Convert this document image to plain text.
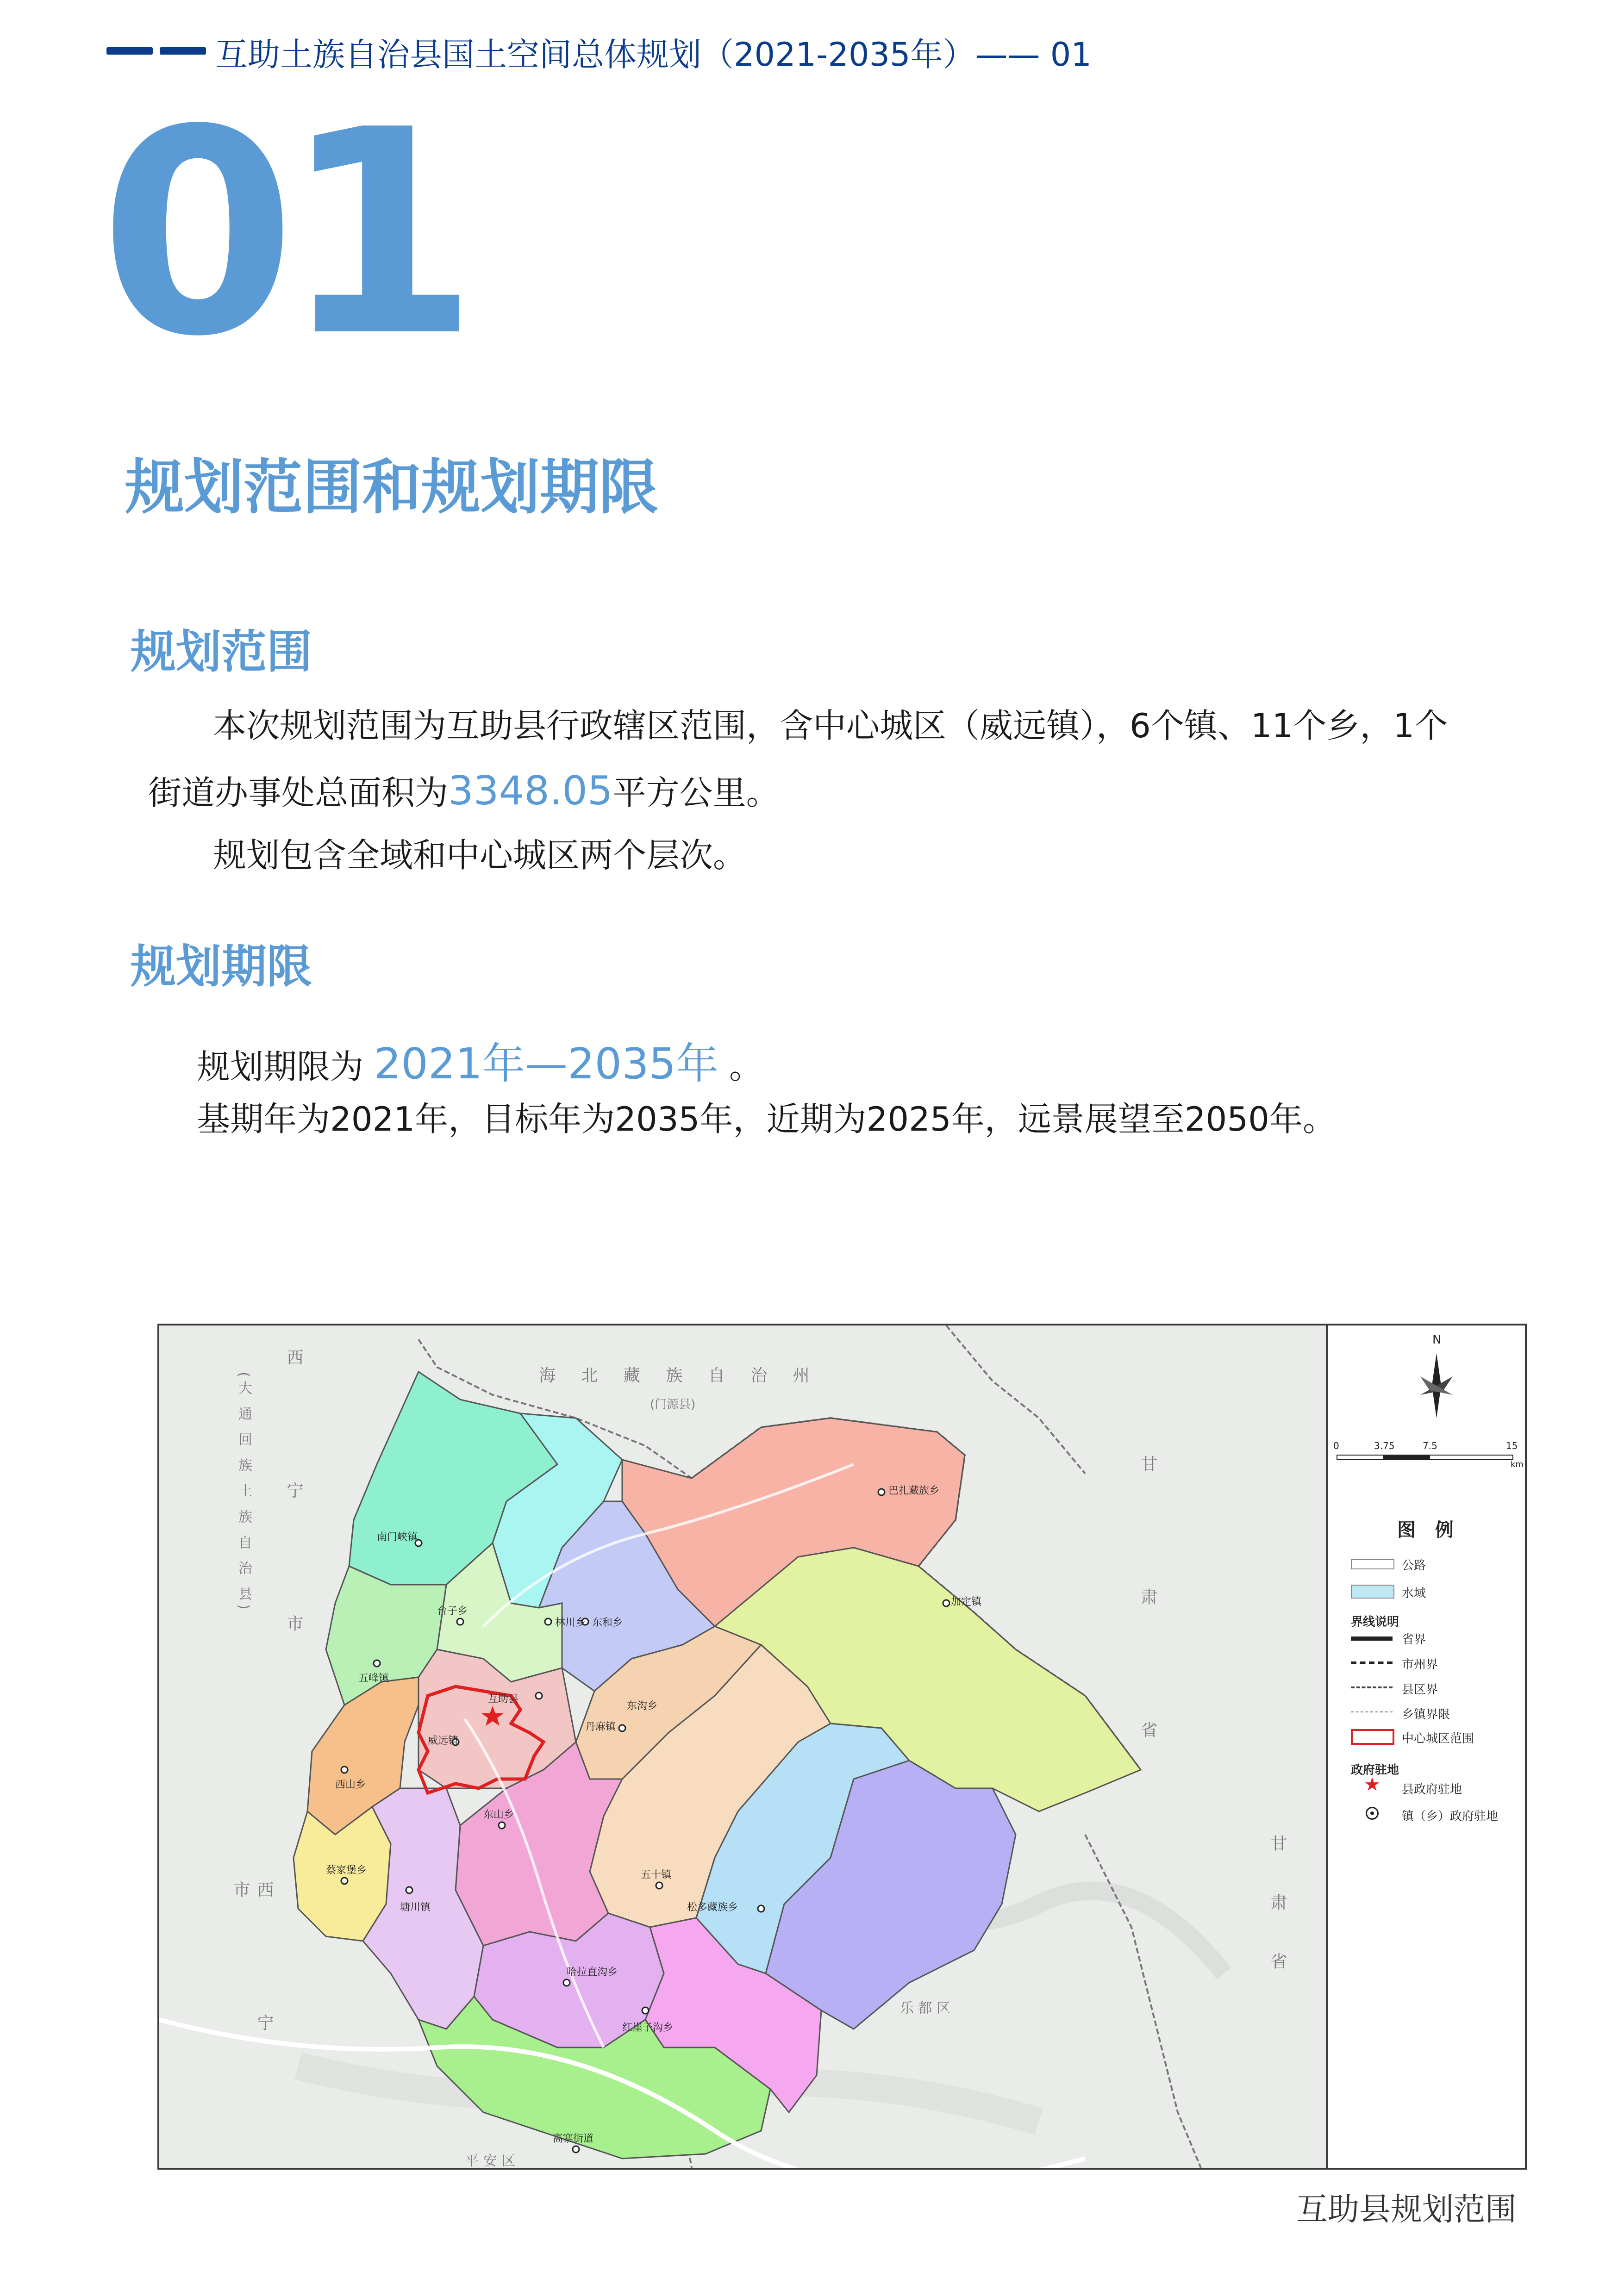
互助土族自治县国土空间总体规划（2021-2035年）—— 01
01
规划范围和规划期限
规划范围
本次规划范围为互助县行政辖区范围，含中心城区（威远镇），6个镇、11个乡，1个
街道办事处总面积为3348.05平方公里。
规划包含全域和中心城区两个层次。
规划期限
规划期限为 2021年—2035年 。
基期年为2021年，目标年为2035年，近期为2025年，远景展望至2050年。
海 北 藏 族 自 治 州
(门源县)
甘 肃 省
甘 肃 省
西 宁 市
西 宁 市
(大 通 回 族 土 族 自 治 县)
乐 都 区
平 安 区
南门峡镇
林川乡
台子乡
东和乡
五峰镇
互助县
威远镇
东沟乡
丹麻镇
巴扎藏族乡
加定镇
西山乡
东山乡
五十镇
松多藏族乡
蔡家堡乡
塘川镇
哈拉直沟乡
红崖子沟乡
高寨街道
N
0	3.75	7.5	15
km
图 例
公路
水域
界线说明
省界
市州界
县区界
乡镇界限
中心城区范围
政府驻地
★ 县政府驻地
镇（乡）政府驻地
互助县规划范围
